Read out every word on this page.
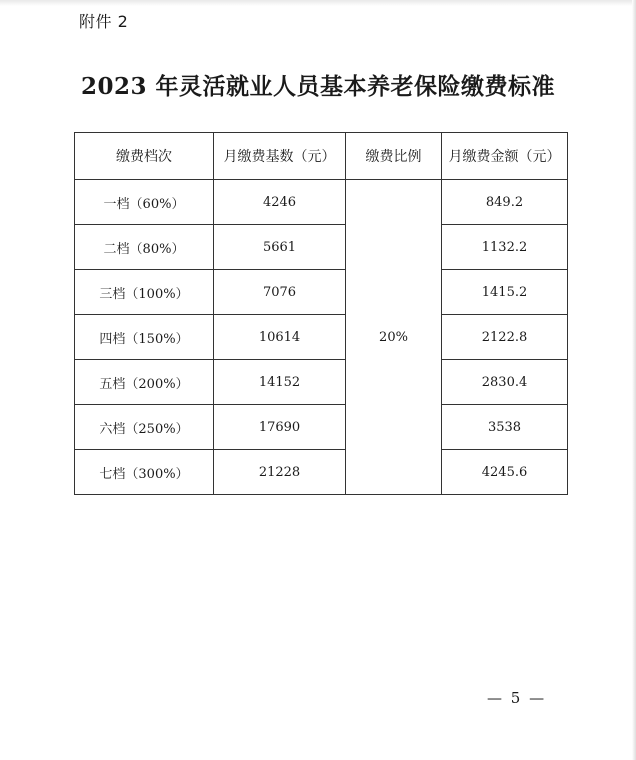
附件 2
2023 年灵活就业人员基本养老保险缴费标准
缴费档次	月缴费基数（元）	缴费比例	月缴费金额（元）
一档（60%）	4246	20%	849.2
二档（80%）	5661		1132.2
三档（100%）	7076		1415.2
四档（150%）	10614		2122.8
五档（200%）	14152		2830.4
六档（250%）	17690		3538
七档（300%）	21228		4245.6
— 5 —
